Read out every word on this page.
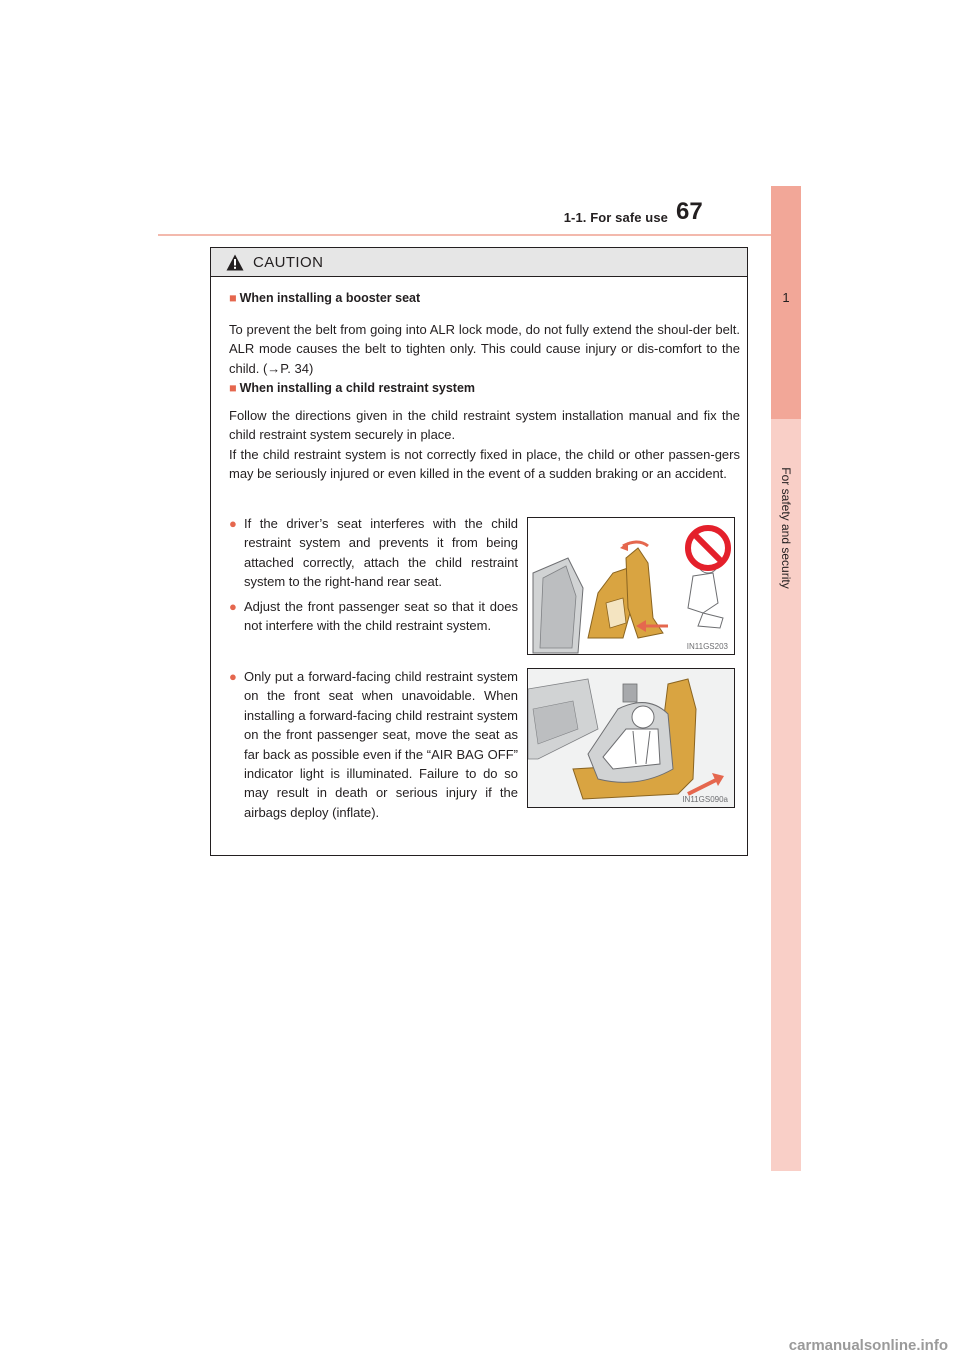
1-1. For safe use 67
1
For safety and security
CAUTION
■ When installing a booster seat

To prevent the belt from going into ALR lock mode, do not fully extend the shoul-der belt. ALR mode causes the belt to tighten only. This could cause injury or dis-comfort to the child. (→P. 34)

■ When installing a child restraint system

Follow the directions given in the child restraint system installation manual and fix the child restraint system securely in place.

If the child restraint system is not correctly fixed in place, the child or other passen-gers may be seriously injured or even killed in the event of a sudden braking or an accident.

● If the driver’s seat interferes with the child restraint system and prevents it from being attached correctly, attach the child restraint system to the right-hand rear seat.
● Adjust the front passenger seat so that it does not interfere with the child restraint system.
● Only put a forward-facing child restraint system on the front seat when unavoidable. When installing a forward-facing child restraint system on the front passenger seat, move the seat as far back as possible even if the “AIR BAG OFF” indicator light is illuminated. Failure to do so may result in death or serious injury if the airbags deploy (inflate).
IN11GS203
IN11GS090a
carmanualsonline.info
